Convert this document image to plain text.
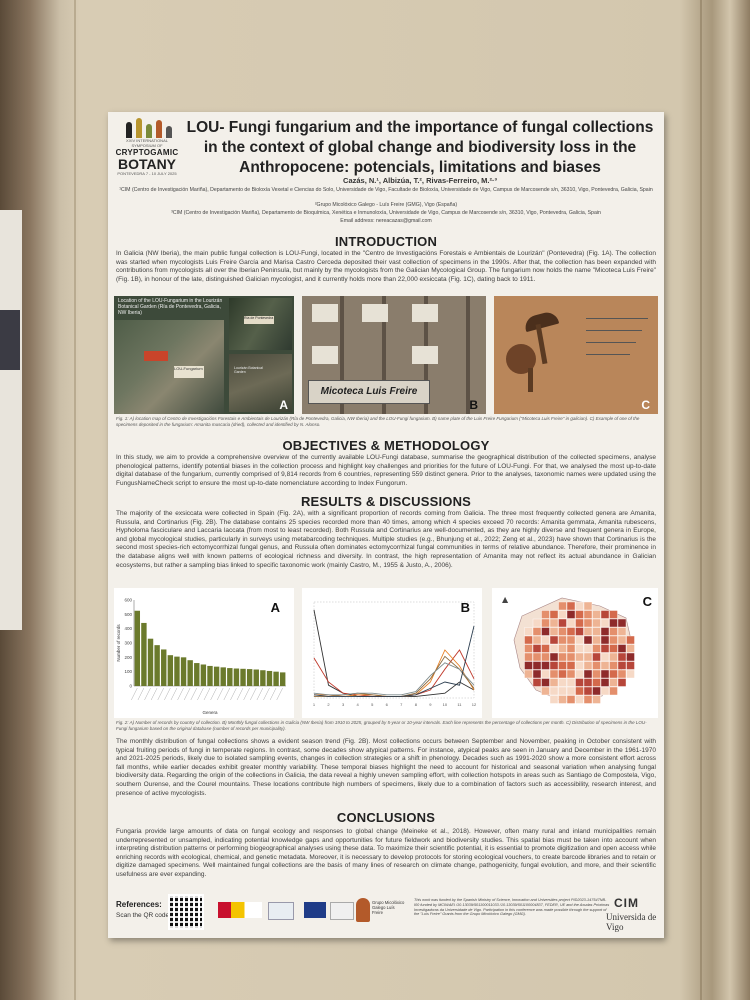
XXIV INTERNATIONAL SYMPOSIUM OF
CRYPTOGAMIC
BOTANY
PONTEVEDRA 7 - 10 JULY 2025
LOU- Fungi fungarium and the importance of fungal collections in the context of global change and biodiversity loss in the Anthropocene: potencials, limitations and biases
Cazás, N.¹, Albizúa, T.², Rivas-Ferreiro, M.²·³
¹CIM (Centro de Investigación Mariña), Departamento de Bioloxía Vexetal e Ciencias do Solo, Universidade de Vigo, Facultade de Bioloxía, Universidade de Vigo, Campus de Marcosende s/n, 36310, Vigo, Pontevedra, Galicia, Spain
²Grupo Micolóxico Galego - Luís Freire (GMG), Vigo (España)
³CIM (Centro de Investigación Mariña), Departamento de Bioquímica, Xenética e Inmunoloxía, Universidade de Vigo, Campus de Marcosende s/n, 36310, Vigo, Pontevedra, Galicia, Spain
Email address: nereacazas@gmail.com
INTRODUCTION
In Galicia (NW Iberia), the main public fungal collection is LOU-Fungi, located in the "Centro de Investigacións Forestais e Ambientais de Lourizán" (Pontevedra) (Fig. 1A). The collection was started when mycologists Luis Freire García and Marisa Castro Cerceda deposited their vast collection of specimens in the 1990s. After that, the collection has been expanded with contributions from mycologists all over the Iberian Peninsula, but mainly by the mycologists from the Galician Mycological Group. The fungarium now holds the name "Micoteca Luis Freire" (Fig. 1B), in honour of the late, distinguished Galician mycologist, and it currently holds more than 22,000 exsiccata (Fig. 1C), dating back to 1911.
Location of the LOU-Fungarium in the Lourizán Botanical Garden (Ría de Pontevedra, Galicia, NW Iberia)
LOU-Fungarium
Ría de Pontevedra
Lourizán Botanical Garden
A
Micoteca Luis Freire
B	C
Fig. 1: A) location map of Centro de Investigacións Forestais e Ambientais de Lourizán (Ría de Pontevedra, Galicia, NW Iberia) and the LOU-Fungi fungarium. B) name plate of the Luis Freire Fungarium ("Micoteca Luis Freire" in galician). C) Example of one of the specimens deposited in the fungarium: Amanita muscaria (dried), collected and identified by N. Alonso.
OBJECTIVES & METHODOLOGY
In this study, we aim to provide a comprehensive overview of the currently available LOU-Fungi database, summarise the geographical distribution of the collected specimens, analyse phenological patterns, identify potential biases in the collection process and highlight key challenges and priorities for the future of LOU-Fungi. For that, we analysed the most up-to-date digital database of the fungarium, currently comprised of 9,814 records from 6 countries, representing 559 distinct genera. Prior to the analyses, taxonomic names were updated using the FungusNameCheck script to ensure the most up-to-date nomenclature according to Index Fungorum.
RESULTS & DISCUSSIONS
The majority of the exsiccata were collected in Spain (Fig. 2A), with a significant proportion of records coming from Galicia. The three most frequently collected genera are Amanita, Russula, and Cortinarius (Fig. 2B). The database contains 25 species recorded more than 40 times, among which 4 species exceed 70 records: Amanita gemmata, Amanita rubescens, Hypholoma fasciculare and Laccaria laccata (from most to least recorded). Both Russula and Cortinarius are well-documented, as they are highly diverse and frequent genera in Europe, and global mycological studies, particularly in surveys using metabarcoding techniques. Multiple studies (e.g., Bhunjung et al., 2022; Zeng et al., 2023) have shown that Cortinarius is the second most species-rich ectomycorrhizal fungal genus, and Russula often dominates ectomycorrhizal fungal communities in terms of relative abundance. Therefore, their prominence in the database aligns well with known patterns of ecological richness and diversity. In contrast, the high representation of Amanita may not reflect its actual abundance in Galician ecosystems, but rather a sampling bias linked to specific taxonomic work (mainly Castro, M., 1955 & Justo, A., 2006).
0
100
200
300
400
500
600
Number of records
Genera
A
1	2	3	4	5	6	7	8	9	10	11	12
B
▲	C
Fig. 2: A) Number of records by country of collection. B) Monthly fungal collections in Galicia (NW Iberia) from 1910 to 2025, grouped by 5-year or 10-year intervals. Each line represents the percentage of collections per month. C) Distribution of specimens in the LOU-Fungi fungarium based on the original database (number of records per municipality).
The monthly distribution of fungal collections shows a evident season trend (Fig. 2B). Most collections occurs between September and November, peaking in October consistent with typical fruiting periods of fungi in temperate regions. In contrast, some decades show atypical patterns. For instance, atypical peaks are seen in January and December in the 1961-1970 and 2021-2025 periods, likely due to isolated sampling events, changes in collection strategies or a shift in phenology. Decades such as 1991-2020 show a more consistent effort across fall months, while earlier decades exhibit greater monthly variability. These temporal biases highlight the need to account for historical and seasonal variation when analysing fungal biodiversity data. Regarding the origin of the collections in Galicia, the data reveal a highly uneven sampling effort, with collection hotspots in areas such as Santiago de Compostela, Vigo, southern Ourense, and the Courel mountains. These locations contribute high numbers of specimens, likely due to a combination of factors such as accessibility, research interest, and presence of active mycologists.
CONCLUSIONS
Fungaria provide large amounts of data on fungal ecology and responses to global change (Meineke et al., 2018). However, often many rural and inland municipalities remain underrepresented or unsampled, indicating potential knowledge gaps and opportunities for future fieldwork and biodiversity studies. This spatial bias must be taken into account when interpreting distribution patterns or performing biogeographical analyses using these data. To maximize their scientific potential, it is essential to promote digitization and open access while enriching records with ecological, chemical, and genetic metadata. Moreover, it is necessary to develop protocols for storing ecological vouchers, to create barcode libraries and to retain or digitize damaged specimens. Well maintained fungal collections are the basis of many lines of research on climate change, pathogenicity, fungal evolution, and more, and their scientific usefulness are ever expanding.
References:
Scan the QR code
Grupo Micolóxico Galego Luís Freire
This work was funded by the Spanish Ministry of Science, Innovation and Universities project PID2023-147547NB-I00 funded by MCIN/AEI /10.13039/501100011033 /10.13039/501100004837, FEDER, UE and the Axudas Próximas Investigadoras da Universidade de Vigo. Participation in this conference was made possible through the support of the "Luís Freire" Grants from the Grupo Micolóxico Galego (GMG).
CIM
Universida de Vigo
